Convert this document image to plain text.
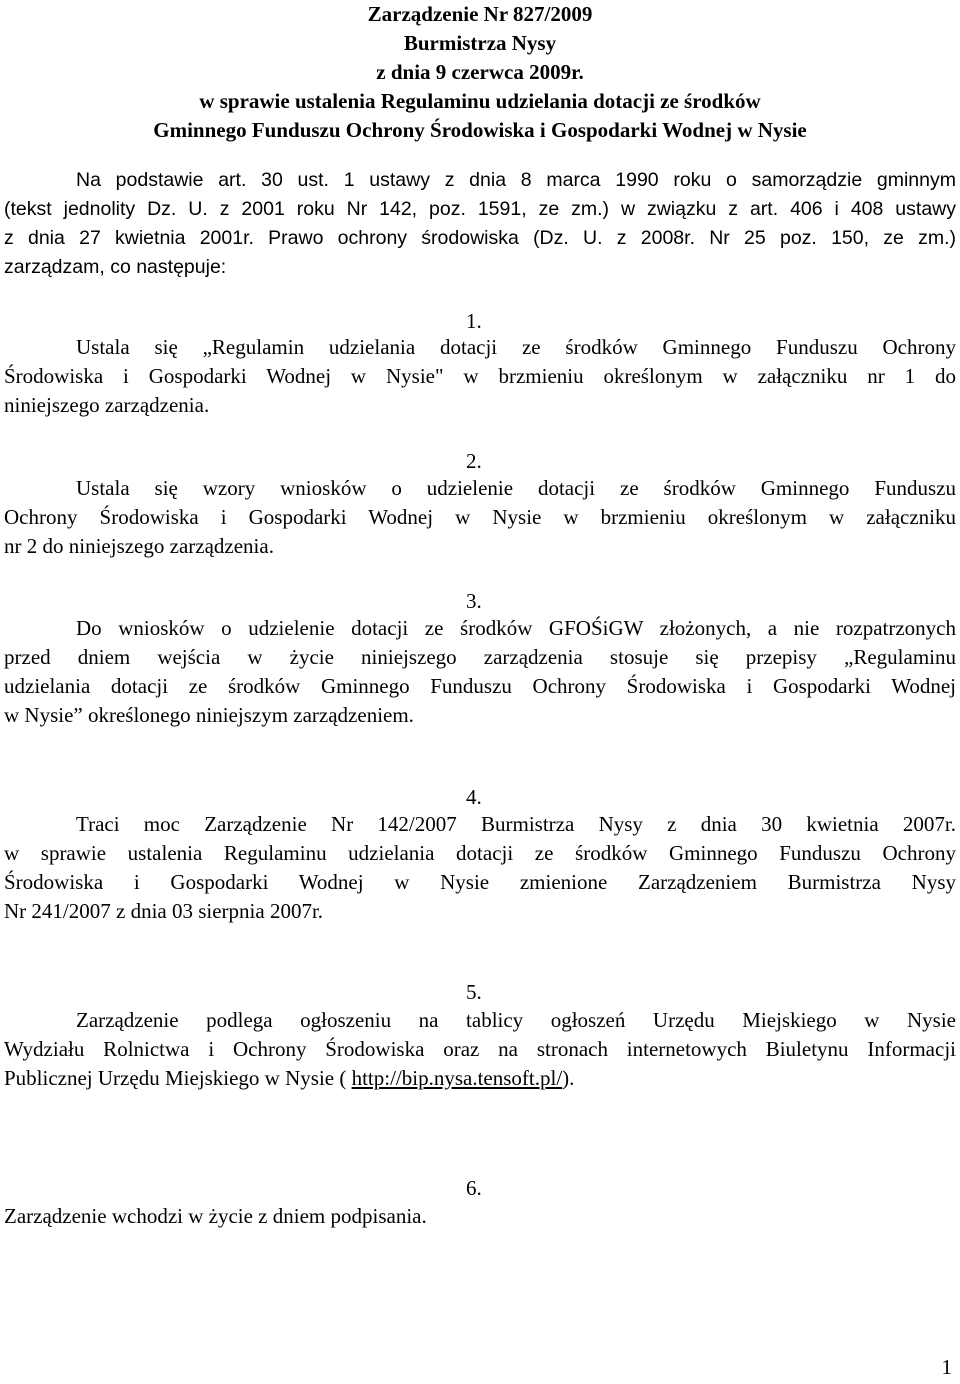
Zarządzenie Nr 827/2009
Burmistrza Nysy
z dnia 9 czerwca 2009r.
w sprawie ustalenia Regulaminu udzielania dotacji ze środków
Gminnego Funduszu Ochrony Środowiska i Gospodarki Wodnej w Nysie
Na podstawie art. 30 ust. 1 ustawy z dnia 8 marca 1990 roku o samorządzie gminnym
(tekst jednolity Dz. U. z 2001 roku Nr 142, poz. 1591, ze zm.) w związku z art. 406 i 408 ustawy
z dnia 27 kwietnia 2001r. Prawo ochrony środowiska (Dz. U. z 2008r. Nr 25 poz. 150, ze zm.)
zarządzam, co następuje:
1.
Ustala się „Regulamin udzielania dotacji ze środków Gminnego Funduszu Ochrony
Środowiska i Gospodarki Wodnej w Nysie" w brzmieniu określonym w załączniku nr 1 do
niniejszego zarządzenia.
2.
Ustala się wzory wniosków o udzielenie dotacji ze środków Gminnego Funduszu
Ochrony Środowiska i Gospodarki Wodnej w Nysie w brzmieniu określonym w załączniku
nr 2 do niniejszego zarządzenia.
3.
Do wniosków o udzielenie dotacji ze środków GFOŚiGW złożonych, a nie rozpatrzonych
przed dniem wejścia w życie niniejszego zarządzenia stosuje się przepisy „Regulaminu
udzielania dotacji ze środków Gminnego Funduszu Ochrony Środowiska i Gospodarki Wodnej
w Nysie” określonego niniejszym zarządzeniem.
4.
Traci moc Zarządzenie Nr 142/2007 Burmistrza Nysy z dnia 30 kwietnia 2007r.
w sprawie ustalenia Regulaminu udzielania dotacji ze środków Gminnego Funduszu Ochrony
Środowiska i Gospodarki Wodnej w Nysie zmienione Zarządzeniem Burmistrza Nysy
Nr 241/2007 z dnia 03 sierpnia 2007r.
5.
Zarządzenie podlega ogłoszeniu na tablicy ogłoszeń Urzędu Miejskiego w Nysie
Wydziału Rolnictwa i Ochrony Środowiska oraz na stronach internetowych Biuletynu Informacji
Publicznej Urzędu Miejskiego w Nysie ( http://bip.nysa.tensoft.pl/).
6.
Zarządzenie wchodzi w życie z dniem podpisania.
1
